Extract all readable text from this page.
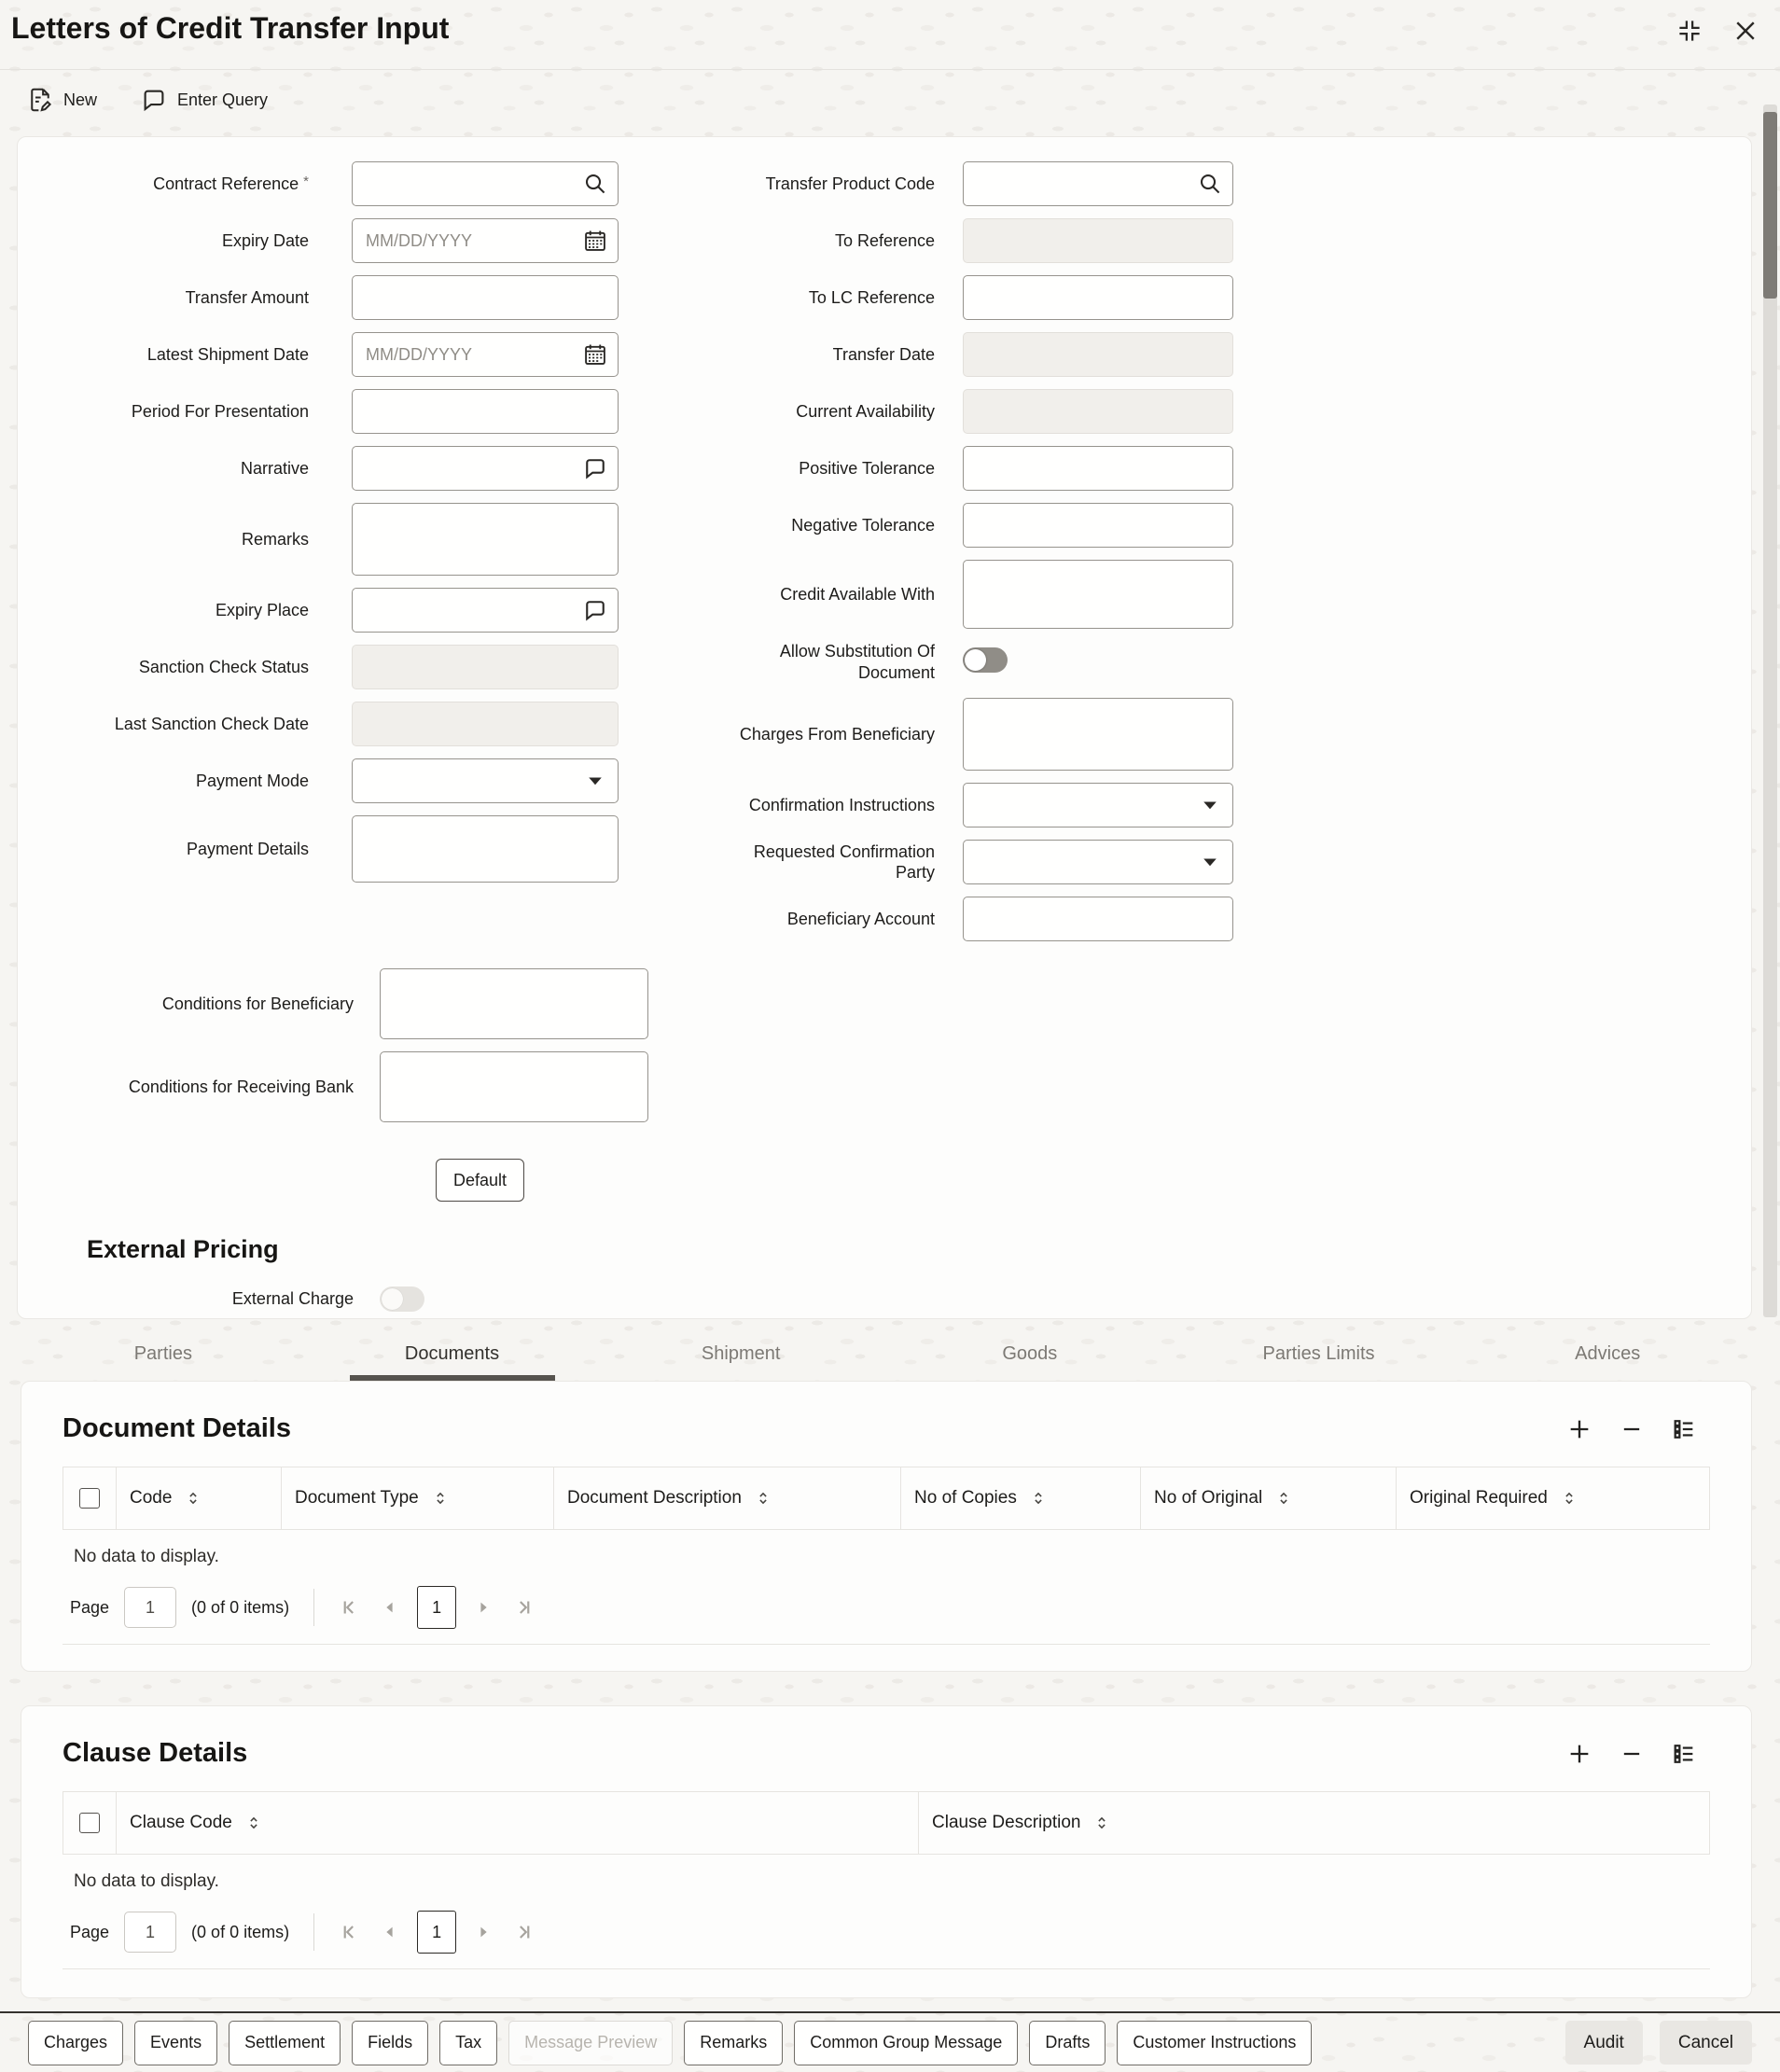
Letters of Credit Transfer Input
New	Enter Query
Contract Reference *
Expiry Date	MM/DD/YYYY
Transfer Amount
Latest Shipment Date	MM/DD/YYYY
Period For Presentation
Narrative
Remarks
Expiry Place
Sanction Check Status
Last Sanction Check Date
Payment Mode
Payment Details
Transfer Product Code
To Reference
To LC Reference
Transfer Date
Current Availability
Positive Tolerance
Negative Tolerance
Credit Available With
Allow Substitution Of Document
Charges From Beneficiary
Confirmation Instructions
Requested Confirmation Party
Beneficiary Account
Conditions for Beneficiary
Conditions for Receiving Bank
Default
External Pricing
External Charge
Parties	Documents	Shipment	Goods	Parties Limits	Advices
Document Details
Code	Document Type	Document Description	No of Copies	No of Original	Original Required
No data to display.
Page	1	(0 of 0 items)	1
Clause Details
Clause Code	Clause Description
No data to display.
Page	1	(0 of 0 items)	1
Charges	Events	Settlement	Fields	Tax	Message Preview	Remarks	Common Group Message	Drafts	Customer Instructions	Audit	Cancel
